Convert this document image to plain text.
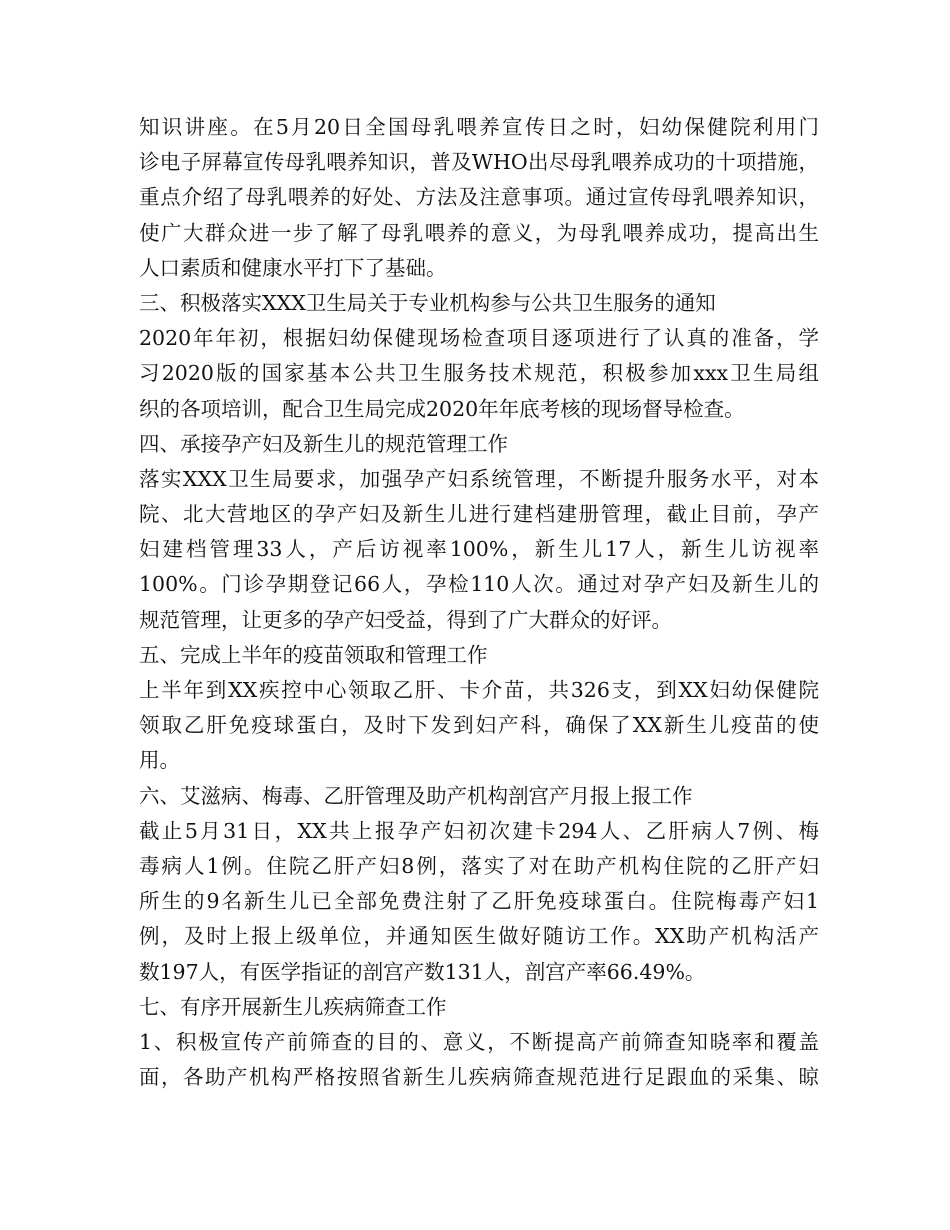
知识讲座。在5月20日全国母乳喂养宣传日之时，妇幼保健院利用门
诊电子屏幕宣传母乳喂养知识，普及WHO出尽母乳喂养成功的十项措施，
重点介绍了母乳喂养的好处、方法及注意事项。通过宣传母乳喂养知识，
使广大群众进一步了解了母乳喂养的意义，为母乳喂养成功，提高出生
人口素质和健康水平打下了基础。
三、积极落实XXX卫生局关于专业机构参与公共卫生服务的通知
2020年年初，根据妇幼保健现场检查项目逐项进行了认真的准备，学
习2020版的国家基本公共卫生服务技术规范，积极参加xxx卫生局组
织的各项培训，配合卫生局完成2020年年底考核的现场督导检查。
四、承接孕产妇及新生儿的规范管理工作
落实XXX卫生局要求，加强孕产妇系统管理，不断提升服务水平，对本
院、北大营地区的孕产妇及新生儿进行建档建册管理，截止目前，孕产
妇建档管理33人，产后访视率100%，新生儿17人，新生儿访视率
100%。门诊孕期登记66人，孕检110人次。通过对孕产妇及新生儿的
规范管理，让更多的孕产妇受益，得到了广大群众的好评。
五、完成上半年的疫苗领取和管理工作
上半年到XX疾控中心领取乙肝、卡介苗，共326支，到XX妇幼保健院
领取乙肝免疫球蛋白，及时下发到妇产科，确保了XX新生儿疫苗的使
用。
六、艾滋病、梅毒、乙肝管理及助产机构剖宫产月报上报工作
截止5月31日，XX共上报孕产妇初次建卡294人、乙肝病人7例、梅
毒病人1例。住院乙肝产妇8例，落实了对在助产机构住院的乙肝产妇
所生的9名新生儿已全部免费注射了乙肝免疫球蛋白。住院梅毒产妇1
例，及时上报上级单位，并通知医生做好随访工作。XX助产机构活产
数197人，有医学指证的剖宫产数131人，剖宫产率66.49%。
七、有序开展新生儿疾病筛查工作
1、积极宣传产前筛查的目的、意义，不断提高产前筛查知晓率和覆盖
面，各助产机构严格按照省新生儿疾病筛查规范进行足跟血的采集、晾
